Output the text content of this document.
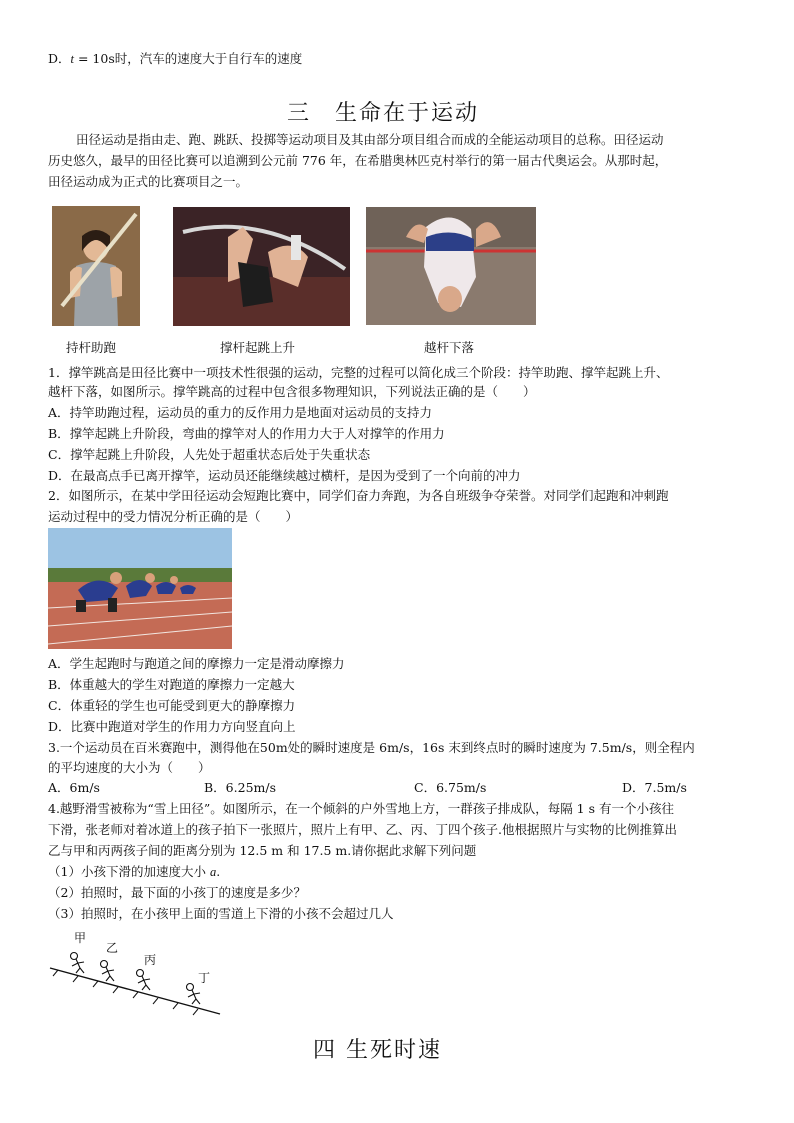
D．t = 10s时，汽车的速度大于自行车的速度
三　生命在于运动
田径运动是指由走、跑、跳跃、投掷等运动项目及其由部分项目组合而成的全能运动项目的总称。田径运动
历史悠久，最早的田径比赛可以追溯到公元前 776 年，在希腊奥林匹克村举行的第一届古代奥运会。从那时起，
田径运动成为正式的比赛项目之一。
持杆助跑	撑杆起跳上升	越杆下落
1．撑竿跳高是田径比赛中一项技术性很强的运动，完整的过程可以简化成三个阶段：持竿助跑、撑竿起跳上升、
越杆下落，如图所示。撑竿跳高的过程中包含很多物理知识，下列说法正确的是（　　）
A．持竿助跑过程，运动员的重力的反作用力是地面对运动员的支持力
B．撑竿起跳上升阶段，弯曲的撑竿对人的作用力大于人对撑竿的作用力
C．撑竿起跳上升阶段，人先处于超重状态后处于失重状态
D．在最高点手已离开撑竿，运动员还能继续越过横杆，是因为受到了一个向前的冲力
2．如图所示，在某中学田径运动会短跑比赛中，同学们奋力奔跑，为各自班级争夺荣誉。对同学们起跑和冲刺跑
运动过程中的受力情况分析正确的是（　　）
A．学生起跑时与跑道之间的摩擦力一定是滑动摩擦力
B．体重越大的学生对跑道的摩擦力一定越大
C．体重轻的学生也可能受到更大的静摩擦力
D．比赛中跑道对学生的作用力方向竖直向上
3.一个运动员在百米赛跑中，测得他在50m处的瞬时速度是 6m/s，16s 末到终点时的瞬时速度为 7.5m/s，则全程内
的平均速度的大小为（　　）
A．6m/s	B．6.25m/s	C．6.75m/s	D．7.5m/s
4.越野滑雪被称为“雪上田径”。如图所示，在一个倾斜的户外雪地上方，一群孩子排成队，每隔 1 s 有一个小孩往
下滑，张老师对着冰道上的孩子拍下一张照片，照片上有甲、乙、丙、丁四个孩子.他根据照片与实物的比例推算出
乙与甲和丙两孩子间的距离分别为 12.5 m 和 17.5 m.请你据此求解下列问题
（1）小孩下滑的加速度大小 a.
（2）拍照时，最下面的小孩丁的速度是多少？
（3）拍照时，在小孩甲上面的雪道上下滑的小孩不会超过几人
甲
乙
丙
丁
四 生死时速
